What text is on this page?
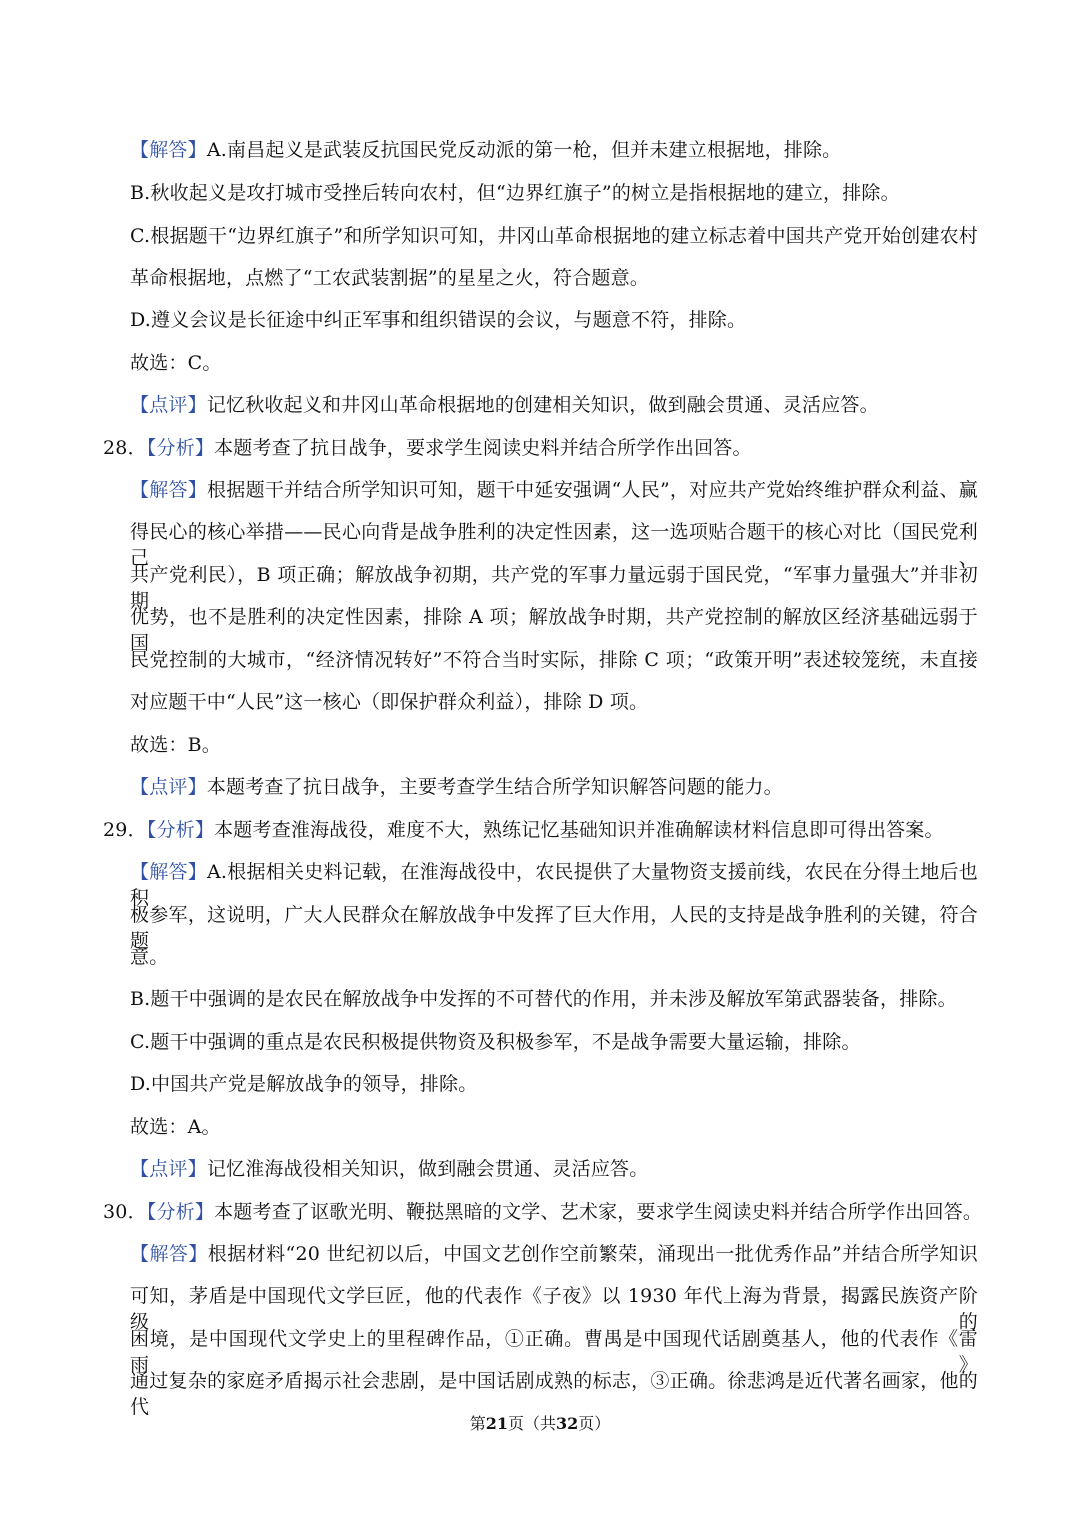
【解答】A.南昌起义是武装反抗国民党反动派的第一枪，但并未建立根据地，排除。
B.秋收起义是攻打城市受挫后转向农村，但“边界红旗子”的树立是指根据地的建立，排除。
C.根据题干“边界红旗子”和所学知识可知，井冈山革命根据地的建立标志着中国共产党开始创建农村
革命根据地，点燃了“工农武装割据”的星星之火，符合题意。
D.遵义会议是长征途中纠正军事和组织错误的会议，与题意不符，排除。
故选：C。
【点评】记忆秋收起义和井冈山革命根据地的创建相关知识，做到融会贯通、灵活应答。
28．【分析】本题考查了抗日战争，要求学生阅读史料并结合所学作出回答。
【解答】根据题干并结合所学知识可知，题干中延安强调“人民”，对应共产党始终维护群众利益、赢
得民心的核心举措——民心向背是战争胜利的决定性因素，这一选项贴合题干的核心对比（国民党利己、
共产党利民），B 项正确；解放战争初期，共产党的军事力量远弱于国民党，“军事力量强大”并非初期
优势，也不是胜利的决定性因素，排除 A 项；解放战争时期，共产党控制的解放区经济基础远弱于国
民党控制的大城市，“经济情况转好”不符合当时实际，排除 C 项；“政策开明”表述较笼统，未直接
对应题干中“人民”这一核心（即保护群众利益），排除 D 项。
故选：B。
【点评】本题考查了抗日战争，主要考查学生结合所学知识解答问题的能力。
29．【分析】本题考查淮海战役，难度不大，熟练记忆基础知识并准确解读材料信息即可得出答案。
【解答】A.根据相关史料记载，在淮海战役中，农民提供了大量物资支援前线，农民在分得土地后也积
极参军，这说明，广大人民群众在解放战争中发挥了巨大作用，人民的支持是战争胜利的关键，符合题
意。
B.题干中强调的是农民在解放战争中发挥的不可替代的作用，并未涉及解放军第武器装备，排除。
C.题干中强调的重点是农民积极提供物资及积极参军，不是战争需要大量运输，排除。
D.中国共产党是解放战争的领导，排除。
故选：A。
【点评】记忆淮海战役相关知识，做到融会贯通、灵活应答。
30．【分析】本题考查了讴歌光明、鞭挞黑暗的文学、艺术家，要求学生阅读史料并结合所学作出回答。
【解答】根据材料“20 世纪初以后，中国文艺创作空前繁荣，涌现出一批优秀作品”并结合所学知识
可知，茅盾是中国现代文学巨匠，他的代表作《子夜》以 1930 年代上海为背景，揭露民族资产阶级的
困境，是中国现代文学史上的里程碑作品，①正确。曹禺是中国现代话剧奠基人，他的代表作《雷雨》
通过复杂的家庭矛盾揭示社会悲剧，是中国话剧成熟的标志，③正确。徐悲鸿是近代著名画家，他的代
第21页（共32页）
